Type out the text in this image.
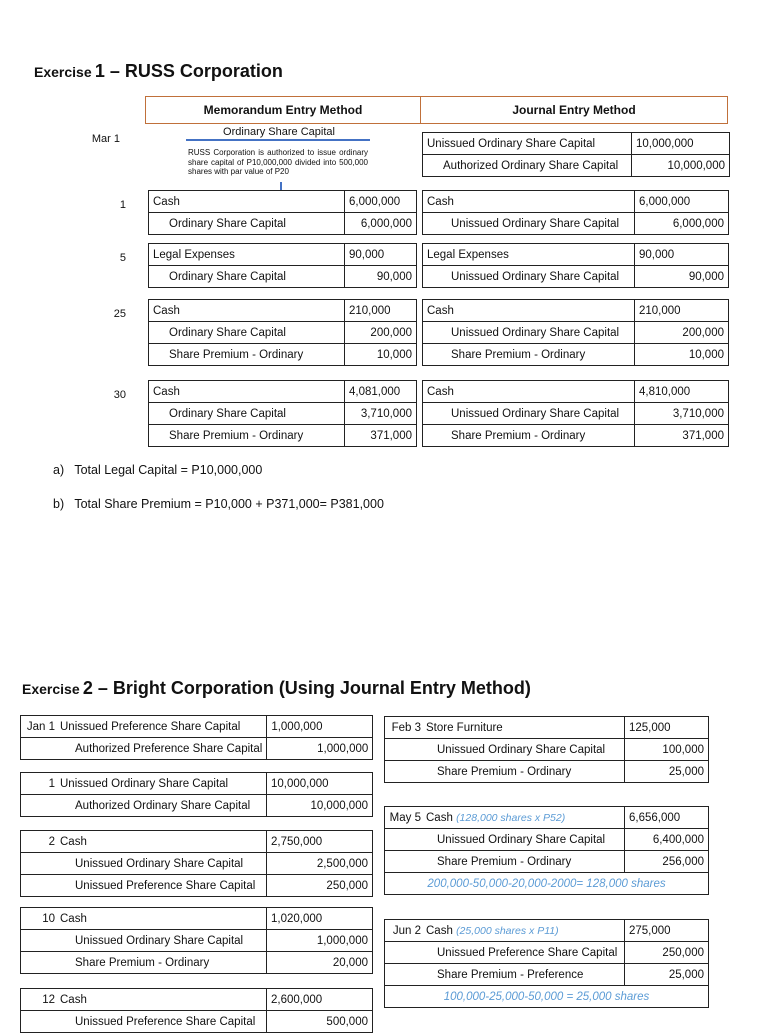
Exercise 1 – RUSS Corporation
Memorandum Entry Method	Journal Entry Method
Mar 1
Ordinary Share Capital
RUSS Corporation is authorized to issue ordinary share capital of P10,000,000 divided into 500,000 shares with par value of P20
Unissued Ordinary Share Capital	10,000,000
Authorized Ordinary Share Capital	10,000,000
1 Cash	6,000,000
Ordinary Share Capital	6,000,000
Cash	6,000,000
Unissued Ordinary Share Capital	6,000,000
5 Legal Expenses	90,000
Ordinary Share Capital	90,000
Legal Expenses	90,000
Unissued Ordinary Share Capital	90,000
25 Cash	210,000
Ordinary Share Capital	200,000
Share Premium - Ordinary	10,000
Cash	210,000
Unissued Ordinary Share Capital	200,000
Share Premium - Ordinary	10,000
30 Cash	4,081,000
Ordinary Share Capital	3,710,000
Share Premium - Ordinary	371,000
Cash	4,810,000
Unissued Ordinary Share Capital	3,710,000
Share Premium - Ordinary	371,000
a) Total Legal Capital = P10,000,000
b) Total Share Premium = P10,000 + P371,000= P381,000
Exercise 2 – Bright Corporation (Using Journal Entry Method)
Jan 1 Unissued Preference Share Capital	1,000,000
Authorized Preference Share Capital	1,000,000
1 Unissued Ordinary Share Capital	10,000,000
Authorized Ordinary Share Capital	10,000,000
2 Cash	2,750,000
Unissued Ordinary Share Capital	2,500,000
Unissued Preference Share Capital	250,000
10 Cash	1,020,000
Unissued Ordinary Share Capital	1,000,000
Share Premium - Ordinary	20,000
12 Cash	2,600,000
Unissued Preference Share Capital	500,000
Feb 3 Store Furniture	125,000
Unissued Ordinary Share Capital	100,000
Share Premium - Ordinary	25,000
May 5 Cash (128,000 shares x P52)	6,656,000
Unissued Ordinary Share Capital	6,400,000
Share Premium - Ordinary	256,000
200,000-50,000-20,000-2000= 128,000 shares	
Jun 2 Cash (25,000 shares x P11)	275,000
Unissued Preference Share Capital	250,000
Share Premium - Preference	25,000
100,000-25,000-50,000 = 25,000 shares	
